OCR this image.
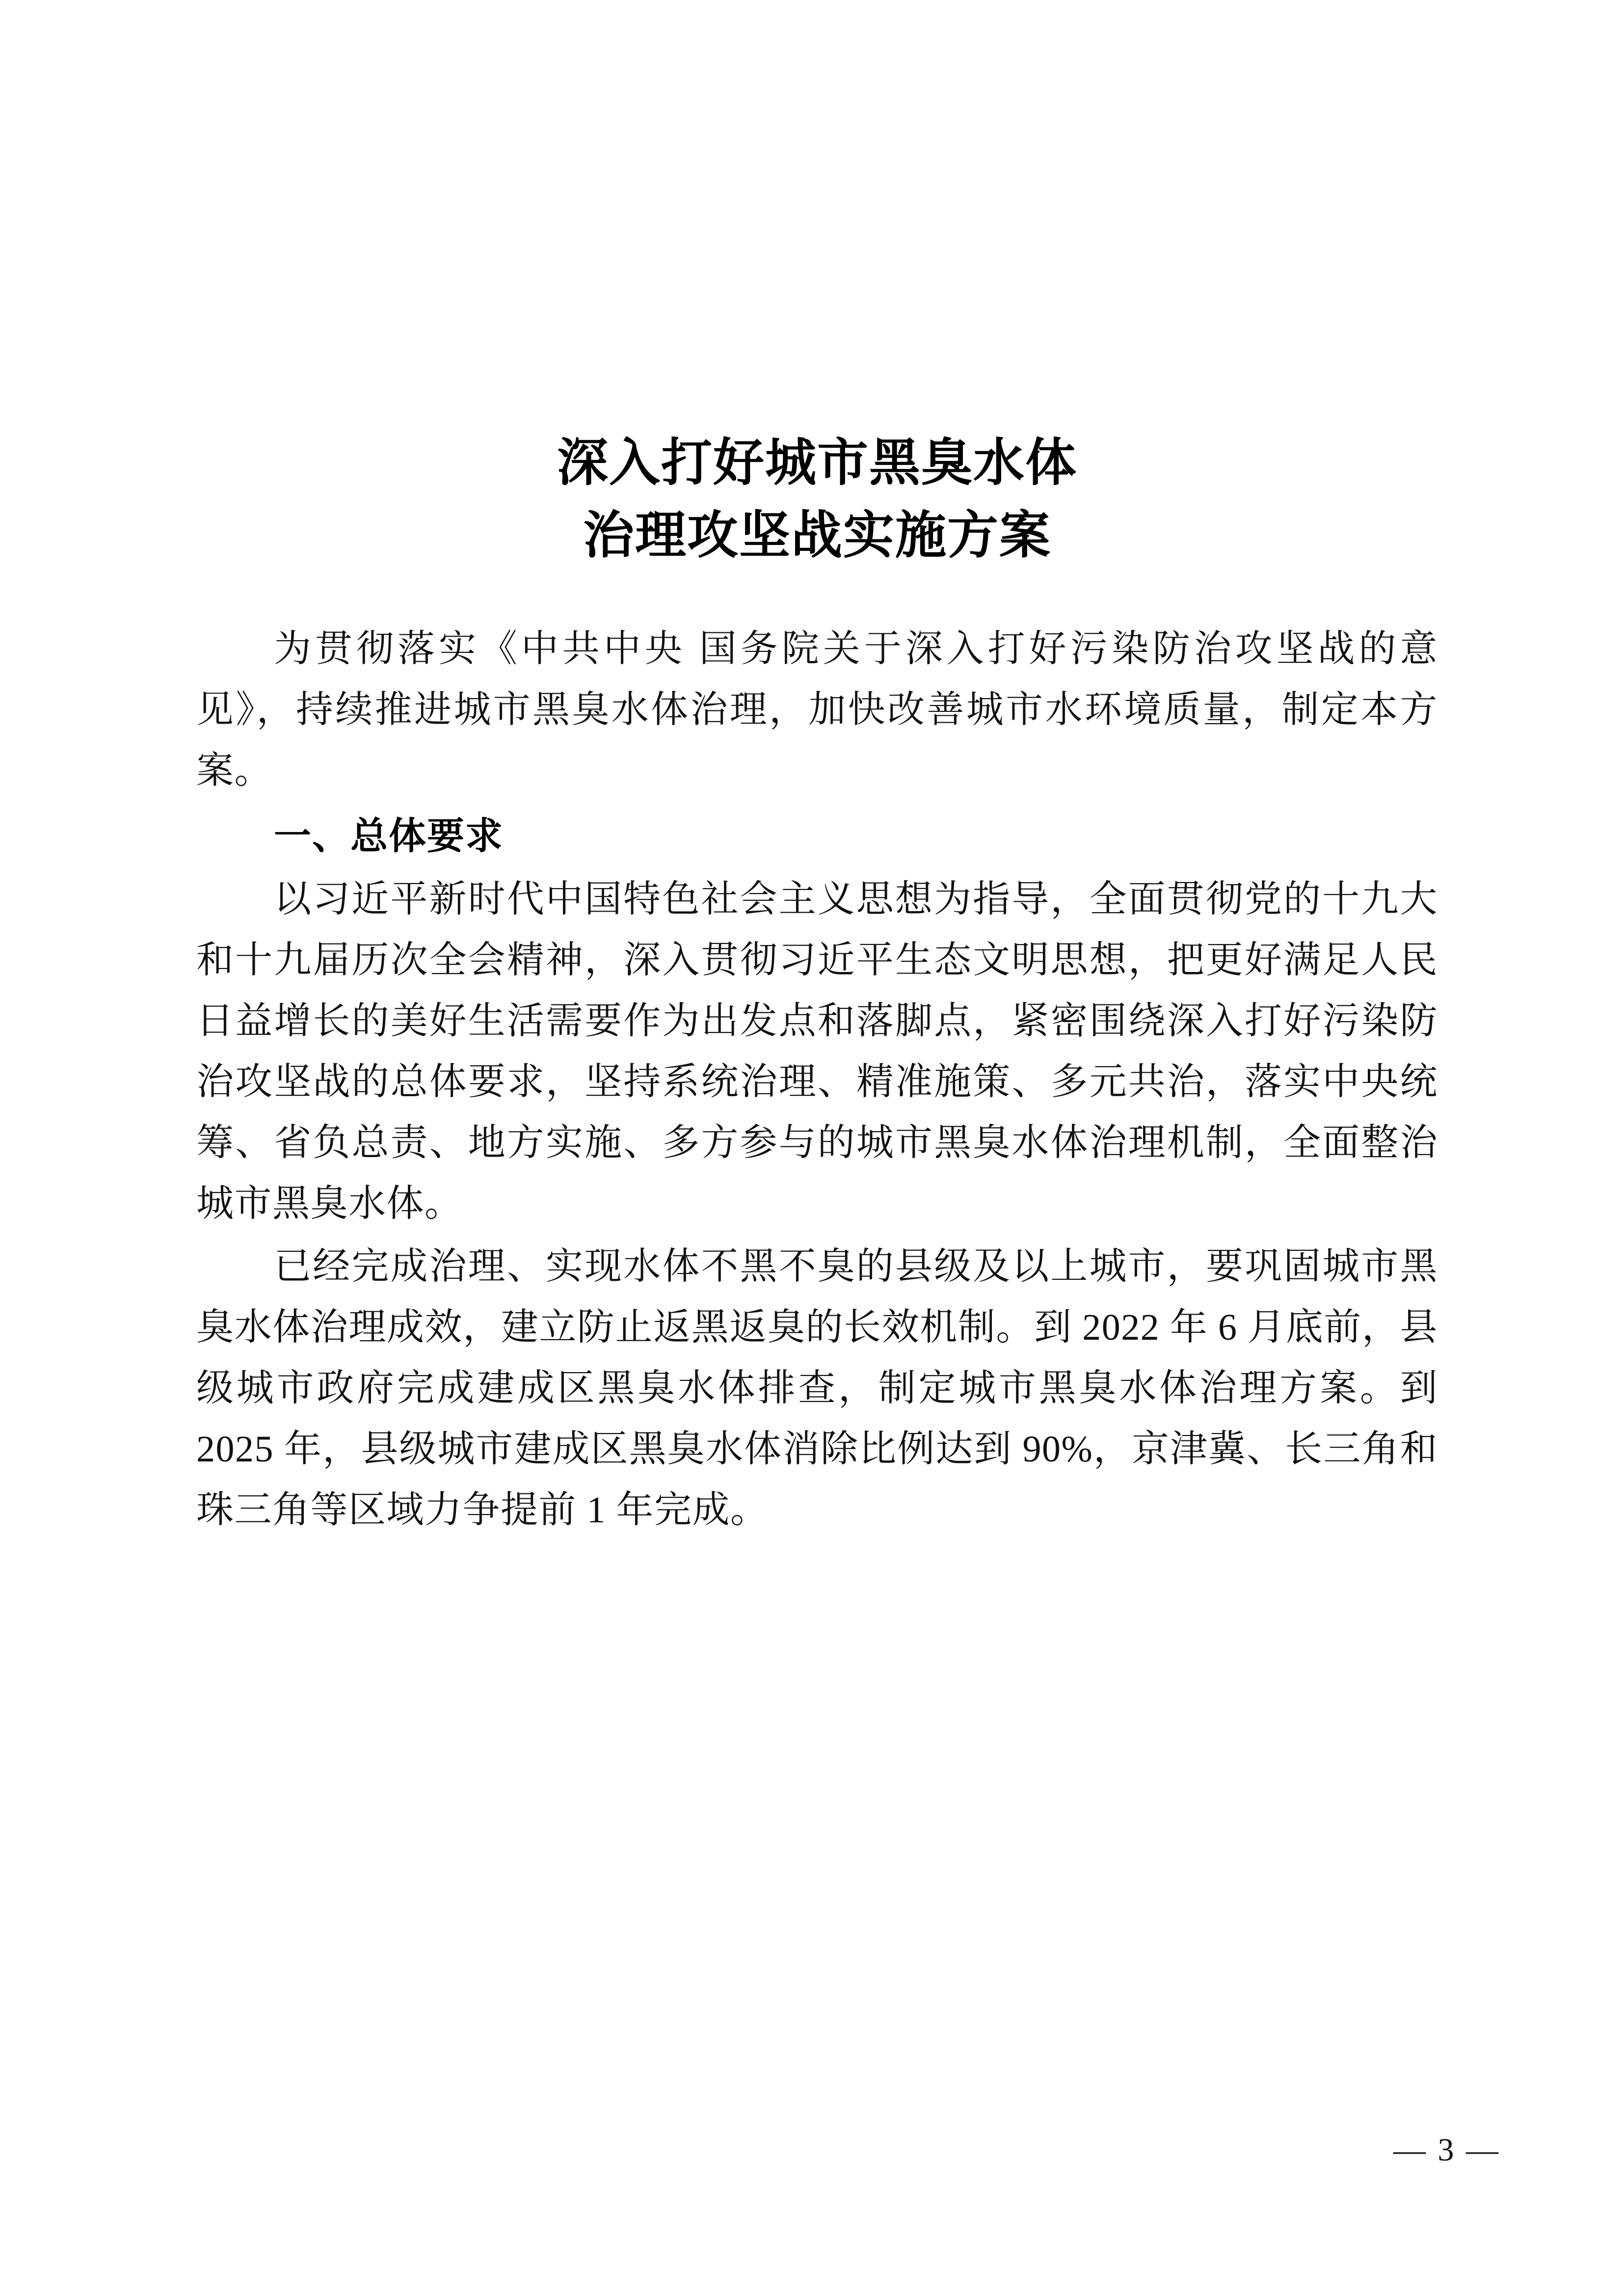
深入打好城市黑臭水体
治理攻坚战实施方案

为贯彻落实《中共中央 国务院关于深入打好污染防治攻坚战的意见》，持续推进城市黑臭水体治理，加快改善城市水环境质量，制定本方案。

一、总体要求

以习近平新时代中国特色社会主义思想为指导，全面贯彻党的十九大和十九届历次全会精神，深入贯彻习近平生态文明思想，把更好满足人民日益增长的美好生活需要作为出发点和落脚点，紧密围绕深入打好污染防治攻坚战的总体要求，坚持系统治理、精准施策、多元共治，落实中央统筹、省负总责、地方实施、多方参与的城市黑臭水体治理机制，全面整治城市黑臭水体。

已经完成治理、实现水体不黑不臭的县级及以上城市，要巩固城市黑臭水体治理成效，建立防止返黑返臭的长效机制。到 2022 年 6 月底前，县级城市政府完成建成区黑臭水体排查，制定城市黑臭水体治理方案。到 2025 年，县级城市建成区黑臭水体消除比例达到 90%，京津冀、长三角和珠三角等区域力争提前 1 年完成。

— 3 —
